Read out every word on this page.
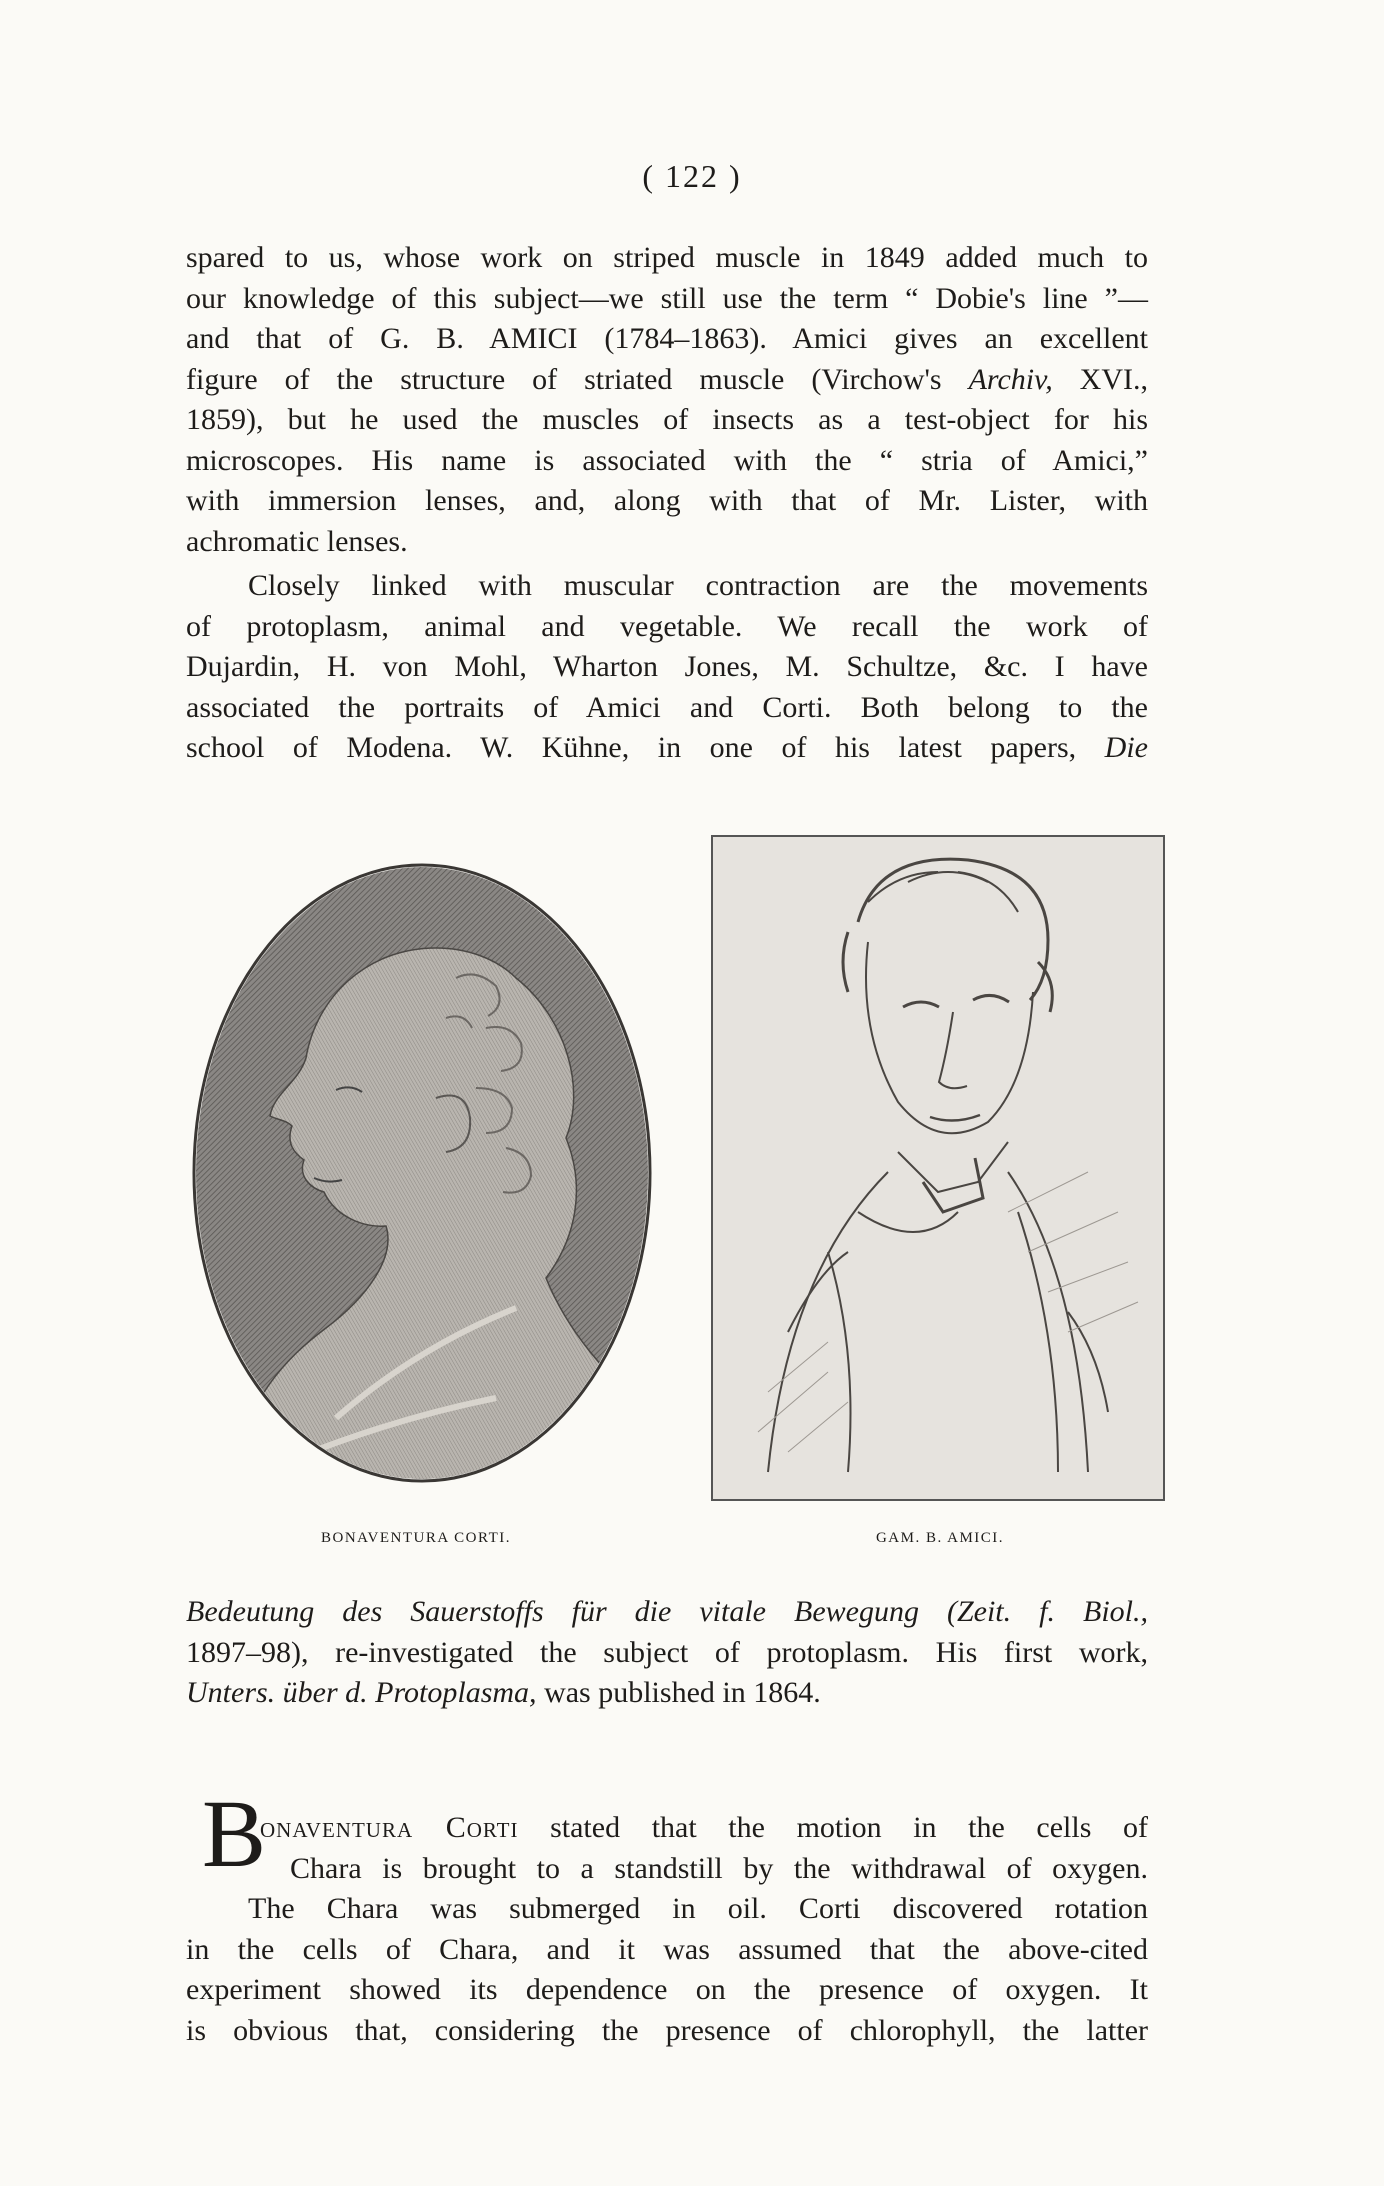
( 122 )
spared to us, whose work on striped muscle in 1849 added much to
our knowledge of this subject—we still use the term “ Dobie's line ”—
and that of G. B. AMICI (1784–1863). Amici gives an excellent
figure of the structure of striated muscle (Virchow's Archiv, XVI.,
1859), but he used the muscles of insects as a test-object for his
microscopes. His name is associated with the “ stria of Amici,”
with immersion lenses, and, along with that of Mr. Lister, with
achromatic lenses.
Closely linked with muscular contraction are the movements
of protoplasm, animal and vegetable. We recall the work of
Dujardin, H. von Mohl, Wharton Jones, M. Schultze, &c. I have
associated the portraits of Amici and Corti. Both belong to the
school of Modena. W. Kühne, in one of his latest papers, Die
BONAVENTURA CORTI.	GAM. B. AMICI.
Bedeutung des Sauerstoffs für die vitale Bewegung (Zeit. f. Biol.,
1897–98), re-investigated the subject of protoplasm. His first work,
Unters. über d. Protoplasma, was published in 1864.
B
onaventura Corti stated that the motion in the cells of
Chara is brought to a standstill by the withdrawal of oxygen.
The Chara was submerged in oil. Corti discovered rotation
in the cells of Chara, and it was assumed that the above-cited
experiment showed its dependence on the presence of oxygen. It
is obvious that, considering the presence of chlorophyll, the latter
